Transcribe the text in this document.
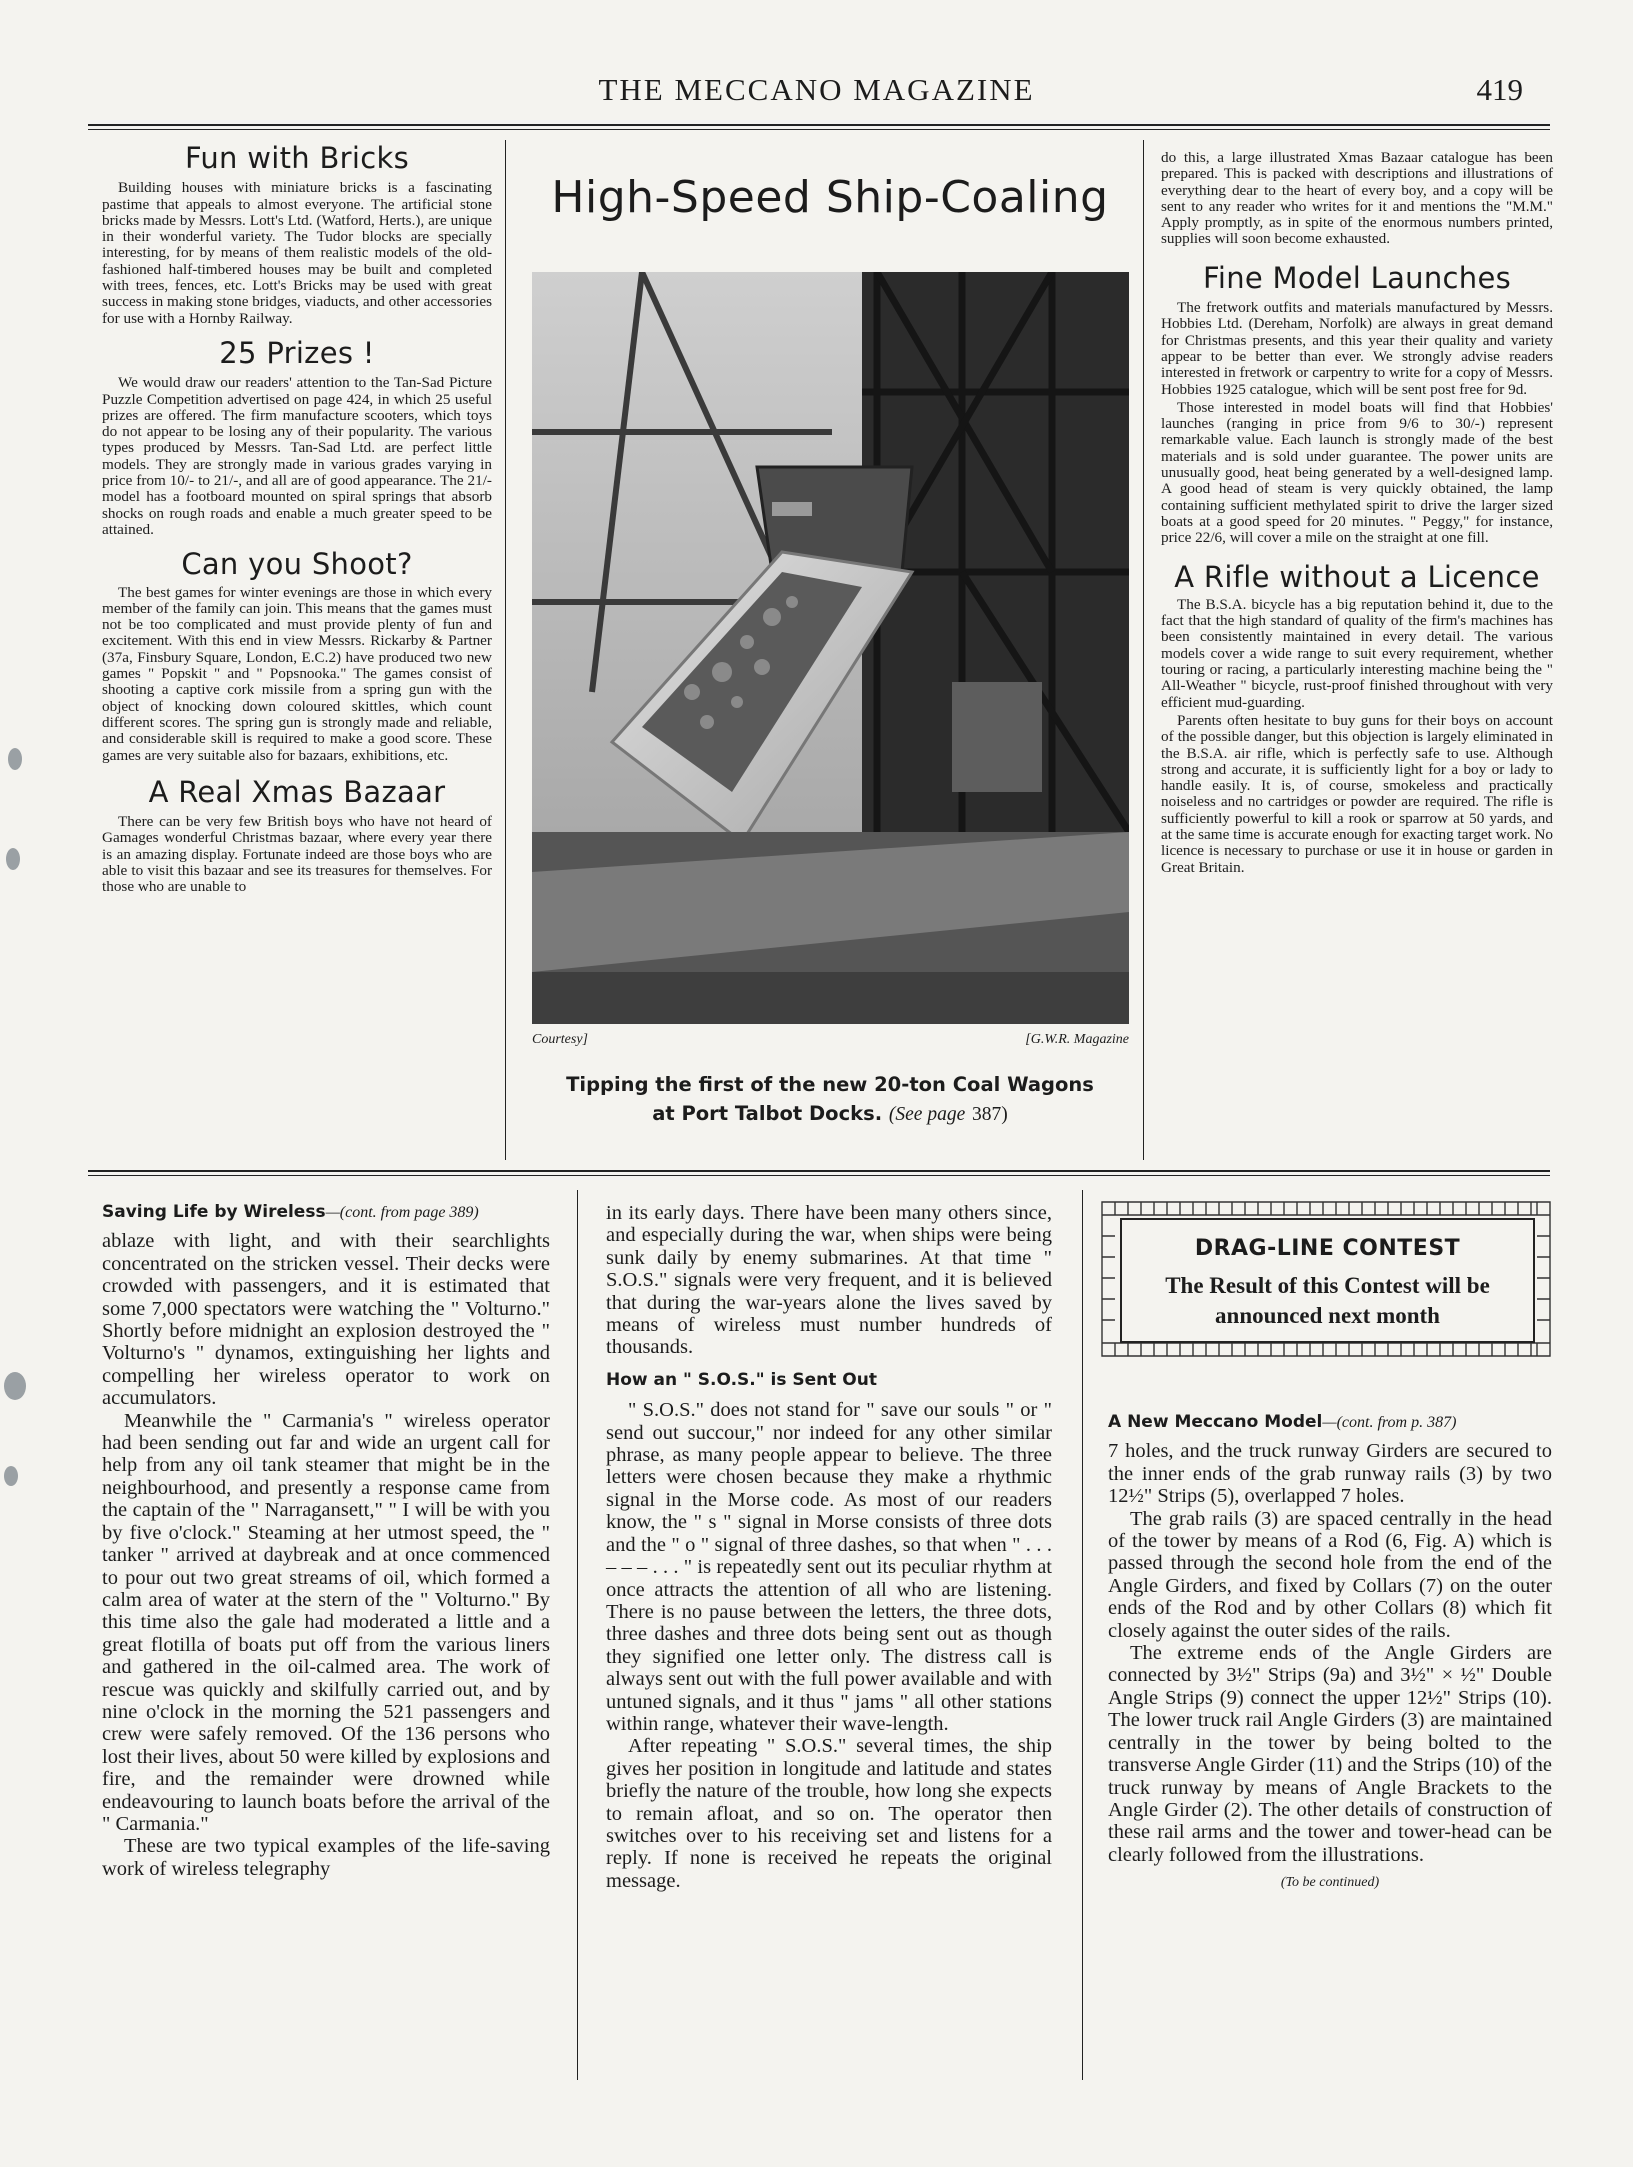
THE MECCANO MAGAZINE	419
Fun with Bricks

Building houses with miniature bricks is a fascinating pastime that appeals to almost everyone. The artificial stone bricks made by Messrs. Lott's Ltd. (Watford, Herts.), are unique in their wonderful variety. The Tudor blocks are specially interesting, for by means of them realistic models of the old-fashioned half-timbered houses may be built and completed with trees, fences, etc. Lott's Bricks may be used with great success in making stone bridges, viaducts, and other accessories for use with a Hornby Railway.

25 Prizes !

We would draw our readers' attention to the Tan-Sad Picture Puzzle Competition advertised on page 424, in which 25 useful prizes are offered. The firm manufacture scooters, which toys do not appear to be losing any of their popularity. The various types produced by Messrs. Tan-Sad Ltd. are perfect little models. They are strongly made in various grades varying in price from 10/- to 21/-, and all are of good appearance. The 21/- model has a footboard mounted on spiral springs that absorb shocks on rough roads and enable a much greater speed to be attained.

Can you Shoot?

The best games for winter evenings are those in which every member of the family can join. This means that the games must not be too complicated and must provide plenty of fun and excitement. With this end in view Messrs. Rickarby & Partner (37a, Finsbury Square, London, E.C.2) have produced two new games " Popskit " and " Popsnooka." The games consist of shooting a captive cork missile from a spring gun with the object of knocking down coloured skittles, which count different scores. The spring gun is strongly made and reliable, and considerable skill is required to make a good score. These games are very suitable also for bazaars, exhibitions, etc.

A Real Xmas Bazaar

There can be very few British boys who have not heard of Gamages wonderful Christmas bazaar, where every year there is an amazing display. Fortunate indeed are those boys who are able to visit this bazaar and see its treasures for themselves. For those who are unable to

High-Speed Ship-Coaling
Courtesy]	[G.W.R. Magazine
Tipping the first of the new 20-ton Coal Wagons
at Port Talbot Docks. (See page 387)

do this, a large illustrated Xmas Bazaar catalogue has been prepared. This is packed with descriptions and illustrations of everything dear to the heart of every boy, and a copy will be sent to any reader who writes for it and mentions the "M.M." Apply promptly, as in spite of the enormous numbers printed, supplies will soon become exhausted.

Fine Model Launches

The fretwork outfits and materials manufactured by Messrs. Hobbies Ltd. (Dereham, Norfolk) are always in great demand for Christmas presents, and this year their quality and variety appear to be better than ever. We strongly advise readers interested in fretwork or carpentry to write for a copy of Messrs. Hobbies 1925 catalogue, which will be sent post free for 9d.

Those interested in model boats will find that Hobbies' launches (ranging in price from 9/6 to 30/-) represent remarkable value. Each launch is strongly made of the best materials and is sold under guarantee. The power units are unusually good, heat being generated by a well-designed lamp. A good head of steam is very quickly obtained, the lamp containing sufficient methylated spirit to drive the larger sized boats at a good speed for 20 minutes. " Peggy," for instance, price 22/6, will cover a mile on the straight at one fill.

A Rifle without a Licence

The B.S.A. bicycle has a big reputation behind it, due to the fact that the high standard of quality of the firm's machines has been consistently maintained in every detail. The various models cover a wide range to suit every requirement, whether touring or racing, a particularly interesting machine being the " All-Weather " bicycle, rust-proof finished throughout with very efficient mud-guarding.

Parents often hesitate to buy guns for their boys on account of the possible danger, but this objection is largely eliminated in the B.S.A. air rifle, which is perfectly safe to use. Although strong and accurate, it is sufficiently light for a boy or lady to handle easily. It is, of course, smokeless and practically noiseless and no cartridges or powder are required. The rifle is sufficiently powerful to kill a rook or sparrow at 50 yards, and at the same time is accurate enough for exacting target work. No licence is necessary to purchase or use it in house or garden in Great Britain.

Saving Life by Wireless—(cont. from page 389)

ablaze with light, and with their searchlights concentrated on the stricken vessel. Their decks were crowded with passengers, and it is estimated that some 7,000 spectators were watching the " Volturno." Shortly before midnight an explosion destroyed the " Volturno's " dynamos, extinguishing her lights and compelling her wireless operator to work on accumulators.

Meanwhile the " Carmania's " wireless operator had been sending out far and wide an urgent call for help from any oil tank steamer that might be in the neighbourhood, and presently a response came from the captain of the " Narragansett," " I will be with you by five o'clock." Steaming at her utmost speed, the " tanker " arrived at daybreak and at once commenced to pour out two great streams of oil, which formed a calm area of water at the stern of the " Volturno." By this time also the gale had moderated a little and a great flotilla of boats put off from the various liners and gathered in the oil-calmed area. The work of rescue was quickly and skilfully carried out, and by nine o'clock in the morning the 521 passengers and crew were safely removed. Of the 136 persons who lost their lives, about 50 were killed by explosions and fire, and the remainder were drowned while endeavouring to launch boats before the arrival of the " Carmania."

These are two typical examples of the life-saving work of wireless telegraphy

in its early days. There have been many others since, and especially during the war, when ships were being sunk daily by enemy submarines. At that time " S.O.S." signals were very frequent, and it is believed that during the war-years alone the lives saved by means of wireless must number hundreds of thousands.

How an " S.O.S." is Sent Out

" S.O.S." does not stand for " save our souls " or " send out succour," nor indeed for any other similar phrase, as many people appear to believe. The three letters were chosen because they make a rhythmic signal in the Morse code. As most of our readers know, the " s " signal in Morse consists of three dots and the " o " signal of three dashes, so that when " . . . – – – . . . " is repeatedly sent out its peculiar rhythm at once attracts the attention of all who are listening. There is no pause between the letters, the three dots, three dashes and three dots being sent out as though they signified one letter only. The distress call is always sent out with the full power available and with untuned signals, and it thus " jams " all other stations within range, whatever their wave-length.

After repeating " S.O.S." several times, the ship gives her position in longitude and latitude and states briefly the nature of the trouble, how long she expects to remain afloat, and so on. The operator then switches over to his receiving set and listens for a reply. If none is received he repeats the original message.

DRAG-LINE CONTEST
The Result of this Contest will be
announced next month
A New Meccano Model—(cont. from p. 387)

7 holes, and the truck runway Girders are secured to the inner ends of the grab runway rails (3) by two 12½" Strips (5), overlapped 7 holes.

The grab rails (3) are spaced centrally in the head of the tower by means of a Rod (6, Fig. A) which is passed through the second hole from the end of the Angle Girders, and fixed by Collars (7) on the outer ends of the Rod and by other Collars (8) which fit closely against the outer sides of the rails.

The extreme ends of the Angle Girders are connected by 3½" Strips (9a) and 3½" × ½" Double Angle Strips (9) connect the upper 12½" Strips (10). The lower truck rail Angle Girders (3) are maintained centrally in the tower by being bolted to the transverse Angle Girder (11) and the Strips (10) of the truck runway by means of Angle Brackets to the Angle Girder (2). The other details of construction of these rail arms and the tower and tower-head can be clearly followed from the illustrations.

(To be continued)
